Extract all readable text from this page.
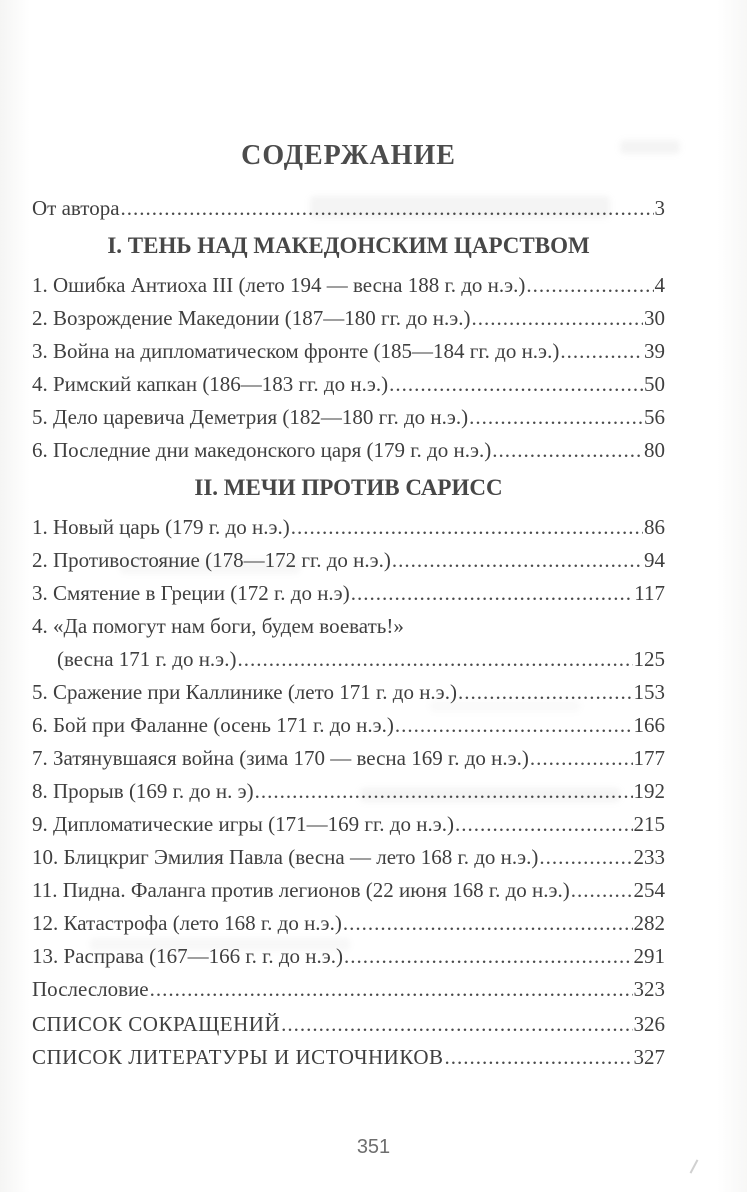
СОДЕРЖАНИЕ
От автора .....	3
I. ТЕНЬ НАД МАКЕДОНСКИМ ЦАРСТВОМ
1. Ошибка Антиоха III (лето 194 — весна 188 г. до н.э.) .....	4
2. Возрождение Македонии (187—180 гг. до н.э.) .....	30
3. Война на дипломатическом фронте (185—184 гг. до н.э.) .....	39
4. Римский капкан (186—183 гг. до н.э.) .....	50
5. Дело царевича Деметрия (182—180 гг. до н.э.) .....	56
6. Последние дни македонского царя (179 г. до н.э.) .....	80
II. МЕЧИ ПРОТИВ САРИСС
1. Новый царь (179 г. до н.э.) .....	86
2. Противостояние (178—172 гг. до н.э.) .....	94
3. Смятение в Греции (172 г. до н.э) .....	117
4. «Да помогут нам боги, будем воевать!»
(весна 171 г. до н.э.) .....	125
5. Сражение при Каллинике (лето 171 г. до н.э.) .....	153
6. Бой при Фаланне (осень 171 г. до н.э.) .....	166
7. Затянувшаяся война (зима 170 — весна 169 г. до н.э.) .....	177
8. Прорыв (169 г. до н. э) .....	192
9. Дипломатические игры (171—169 гг. до н.э.) .....	215
10. Блицкриг Эмилия Павла (весна — лето 168 г. до н.э.) .....	233
11. Пидна. Фаланга против легионов (22 июня 168 г. до н.э.) .....	254
12. Катастрофа (лето 168 г. до н.э.) .....	282
13. Расправа (167—166 г. г. до н.э.) .....	291
Послесловие .....	323
СПИСОК СОКРАЩЕНИЙ .....	326
СПИСОК ЛИТЕРАТУРЫ И ИСТОЧНИКОВ .....	327
351
